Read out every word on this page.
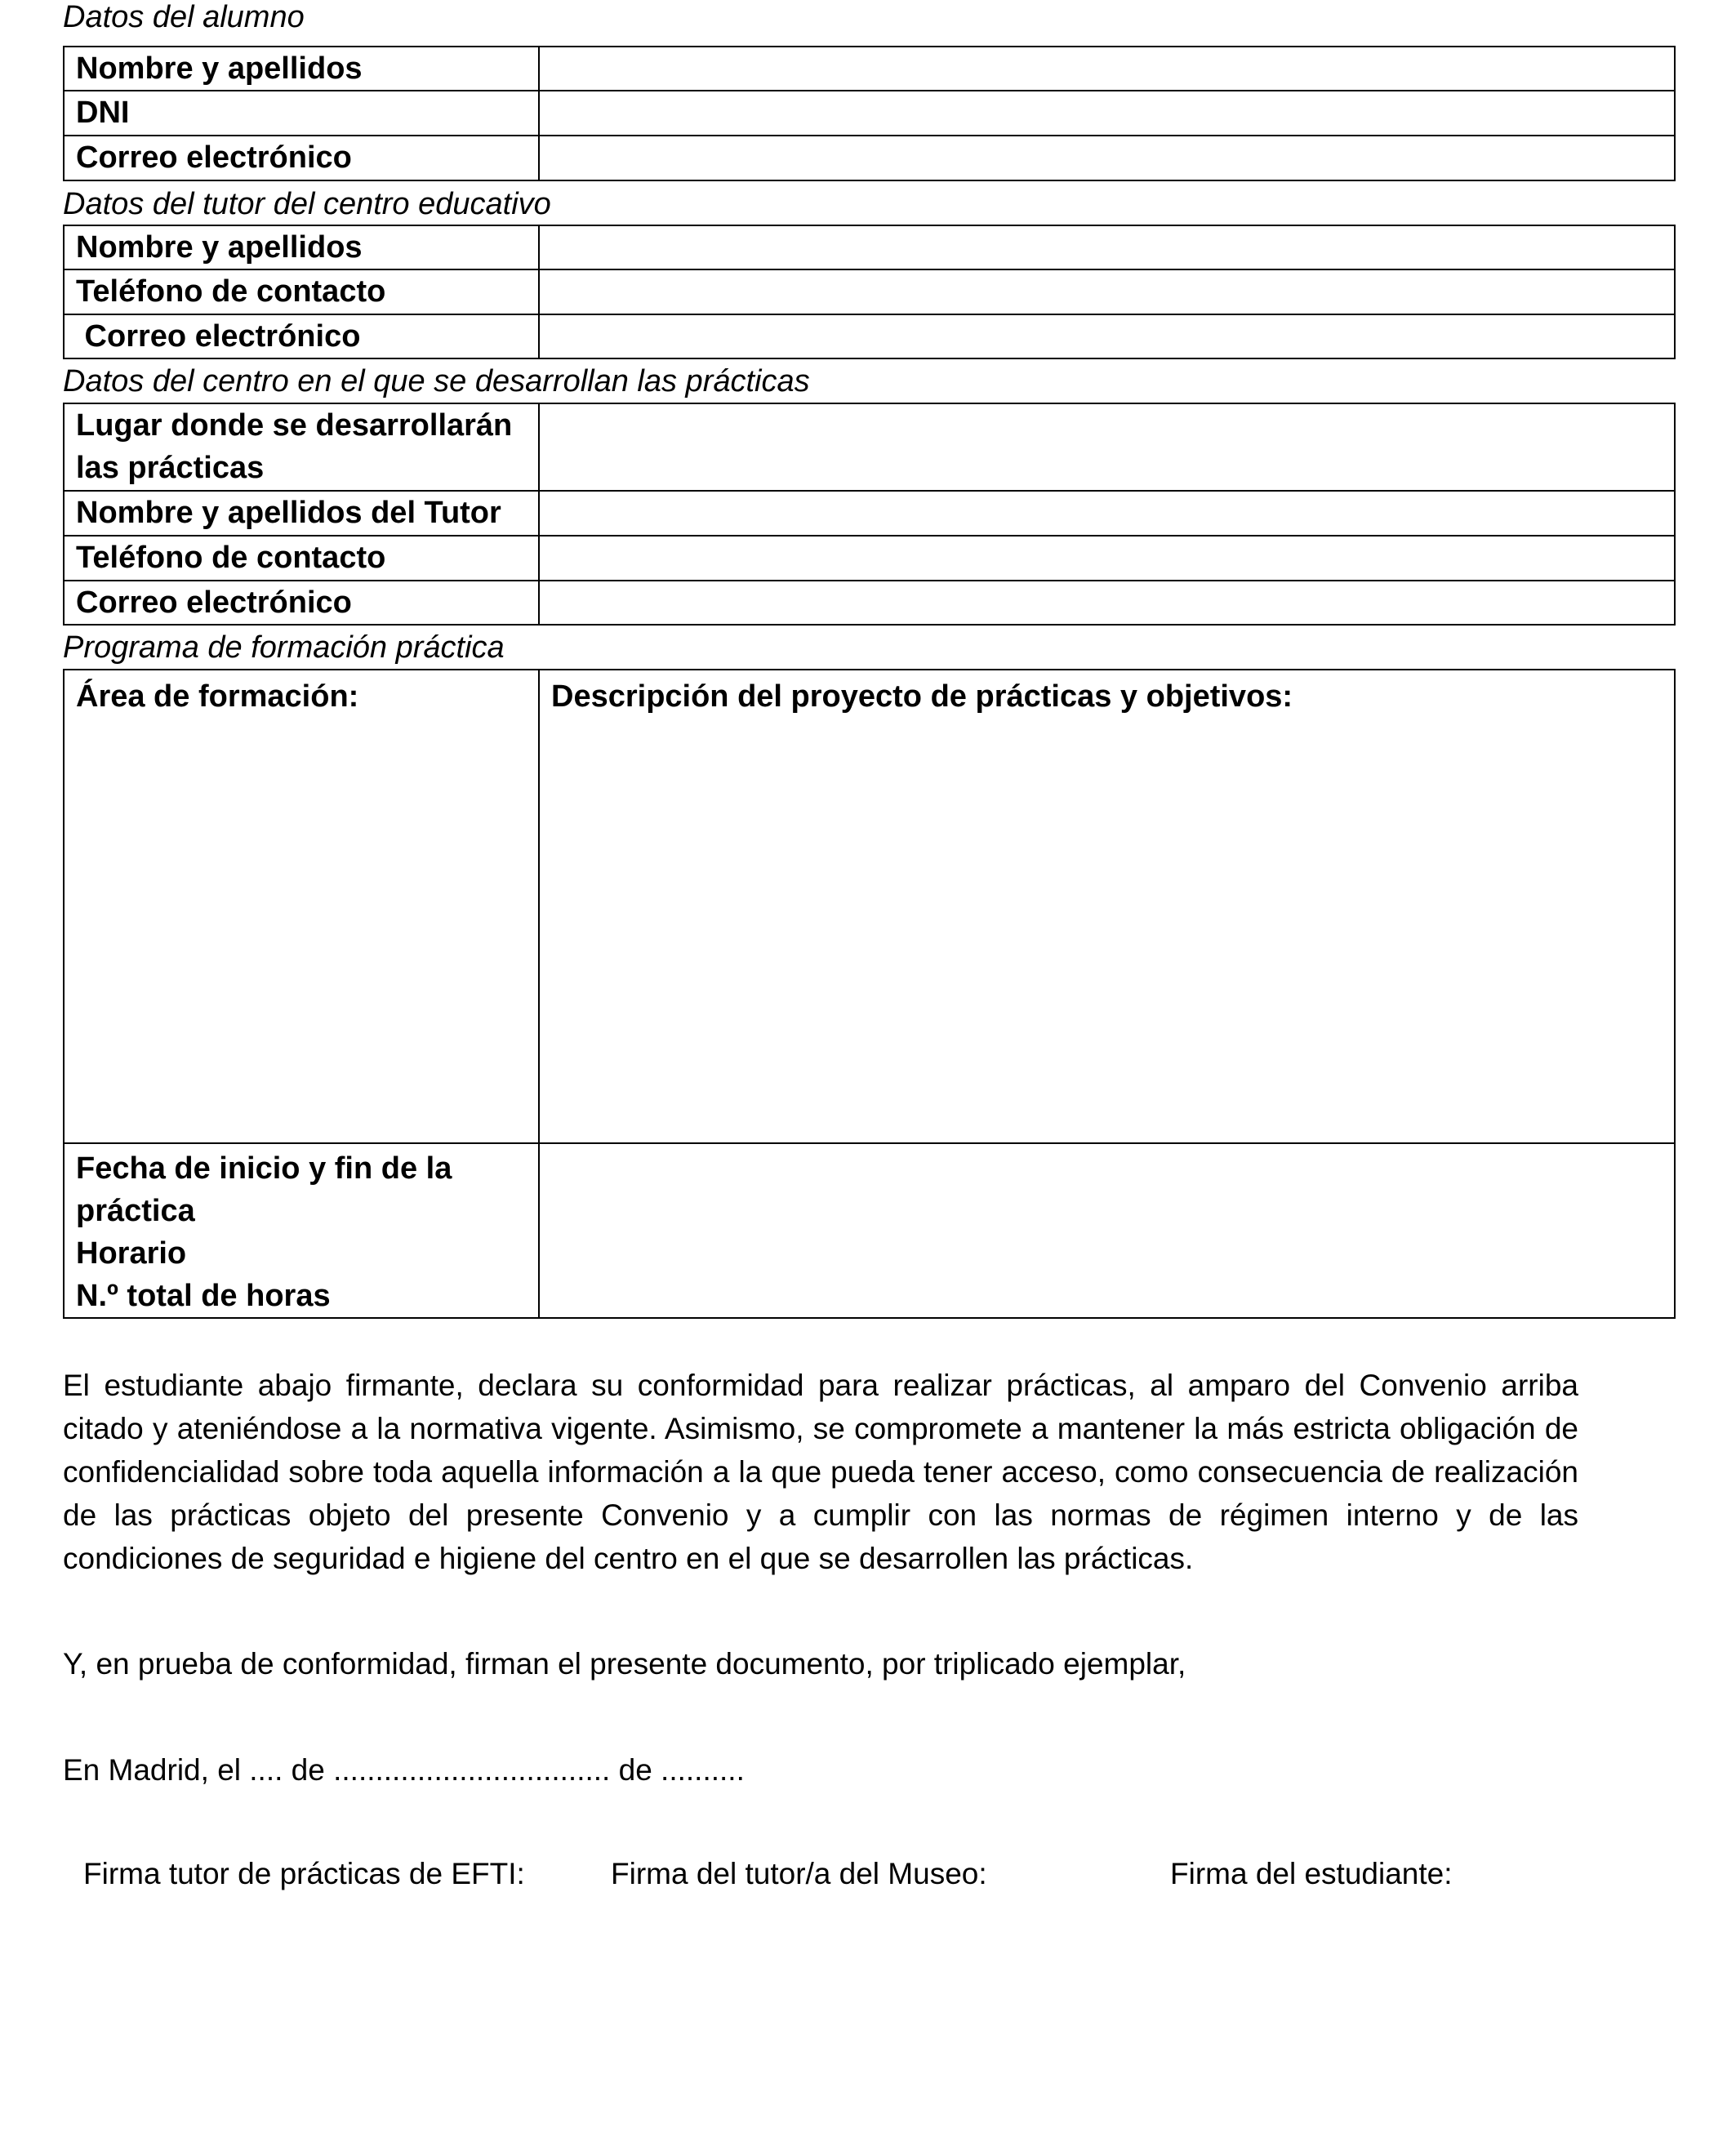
Datos del alumno
Nombre y apellidos	

DNI	

Correo electrónico	
Datos del tutor del centro educativo
Nombre y apellidos	

Teléfono de contacto	

Correo electrónico	
Datos del centro en el que se desarrollan las prácticas
Lugar donde se desarrollarán las prácticas	

Nombre y apellidos del Tutor	

Teléfono de contacto	

Correo electrónico	
Programa de formación práctica
Área de formación:	Descripción del proyecto de prácticas y objetivos:

Fecha de inicio y fin de la práctica
Horario
N.º total de horas	

El estudiante abajo firmante, declara su conformidad para realizar prácticas, al amparo del Convenio arriba citado y ateniéndose a la normativa vigente. Asimismo, se compromete a mantener la más estricta obligación de confidencialidad sobre toda aquella información a la que pueda tener acceso, como consecuencia de realización de las prácticas objeto del presente Convenio y a cumplir con las normas de régimen interno y de las condiciones de seguridad e higiene del centro en el que se desarrollen las prácticas.
Y, en prueba de conformidad, firman el presente documento, por triplicado ejemplar,
En Madrid, el .... de ................................. de ..........
Firma tutor de prácticas de EFTI:	Firma del tutor/a del Museo:	Firma del estudiante:
